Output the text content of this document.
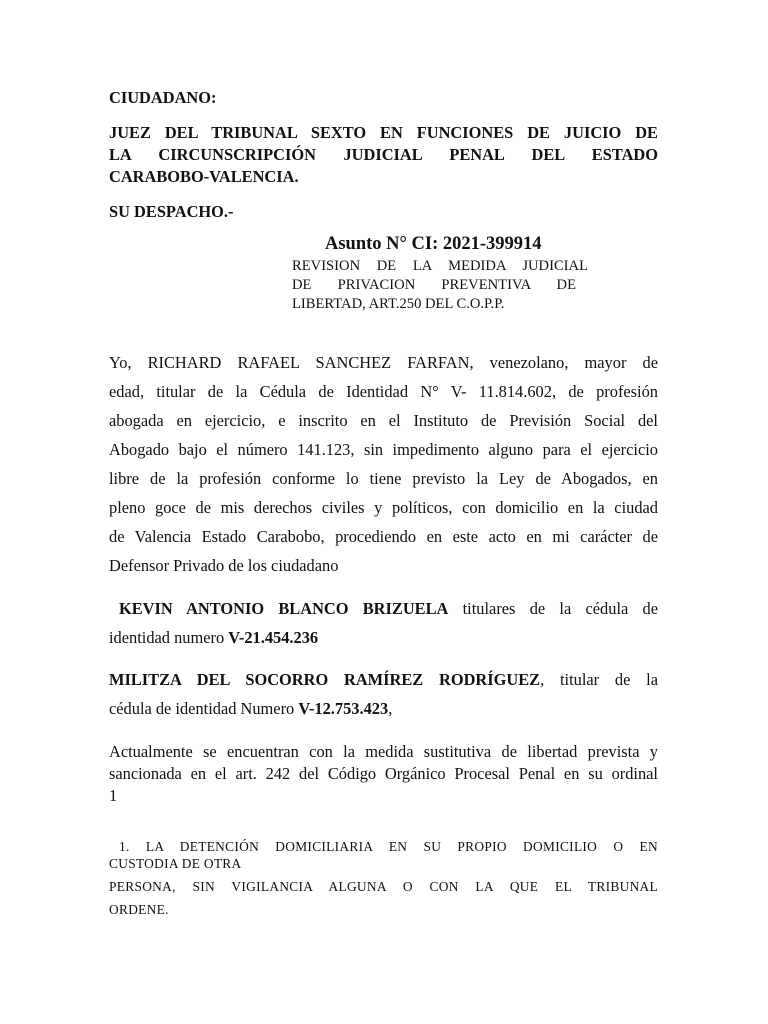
CIUDADANO:
JUEZ DEL TRIBUNAL SEXTO EN FUNCIONES DE JUICIO DE
LA CIRCUNSCRIPCIÓN JUDICIAL PENAL DEL ESTADO
CARABOBO-VALENCIA.
SU DESPACHO.-
Asunto N° CI: 2021-399914
REVISION DE LA MEDIDA JUDICIAL
DE PRIVACION PREVENTIVA DE
LIBERTAD, ART.250 DEL C.O.P.P.
Yo, RICHARD RAFAEL SANCHEZ FARFAN, venezolano, mayor de
edad, titular de la Cédula de Identidad N° V- 11.814.602, de profesión
abogada en ejercicio, e inscrito en el Instituto de Previsión Social del
Abogado bajo el número 141.123, sin impedimento alguno para el ejercicio
libre de la profesión conforme lo tiene previsto la Ley de Abogados, en
pleno goce de mis derechos civiles y políticos, con domicilio en la ciudad
de Valencia Estado Carabobo, procediendo en este acto en mi carácter de
Defensor Privado de los ciudadano
KEVIN ANTONIO BLANCO BRIZUELA titulares de la cédula de
identidad numero V-21.454.236
MILITZA DEL SOCORRO RAMÍREZ RODRÍGUEZ, titular de la
cédula de identidad Numero V-12.753.423,
Actualmente se encuentran con la medida sustitutiva de libertad prevista y
sancionada en el art. 242 del Código Orgánico Procesal Penal en su ordinal
1
1. LA DETENCIÓN DOMICILIARIA EN SU PROPIO DOMICILIO O EN
CUSTODIA DE OTRA
PERSONA, SIN VIGILANCIA ALGUNA O CON LA QUE EL TRIBUNAL
ORDENE.
